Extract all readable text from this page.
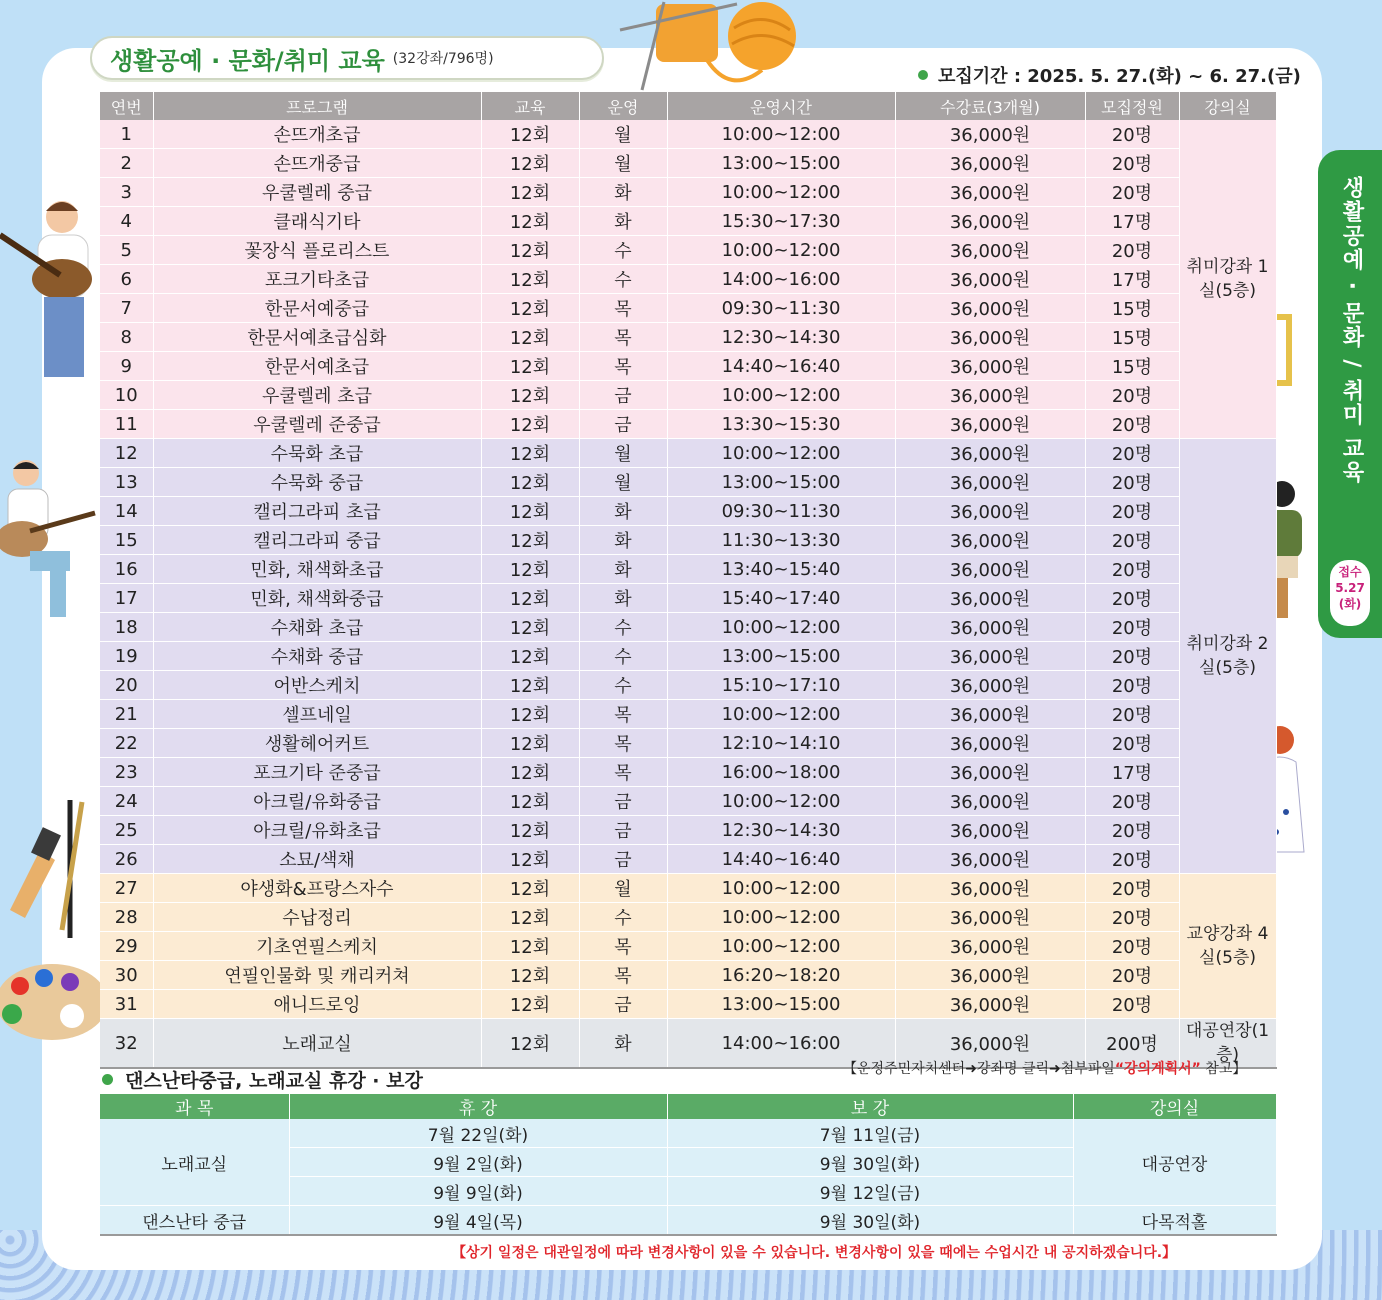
생활공예 · 문화/취미 교육 (32강좌/796명)
모집기간 : 2025. 5. 27.(화) ~ 6. 27.(금)
연번	프로그램	교육	운영	운영시간	수강료(3개월)	모집정원	강의실
1	손뜨개초급	12회	월	10:00~12:00	36,000원	20명	취미강좌 1실(5층)
2	손뜨개중급	12회	월	13:00~15:00	36,000원	20명	
3	우쿨렐레 중급	12회	화	10:00~12:00	36,000원	20명	
4	클래식기타	12회	화	15:30~17:30	36,000원	17명	
5	꽃장식 플로리스트	12회	수	10:00~12:00	36,000원	20명	
6	포크기타초급	12회	수	14:00~16:00	36,000원	17명	
7	한문서예중급	12회	목	09:30~11:30	36,000원	15명	
8	한문서예초급심화	12회	목	12:30~14:30	36,000원	15명	
9	한문서예초급	12회	목	14:40~16:40	36,000원	15명	
10	우쿨렐레 초급	12회	금	10:00~12:00	36,000원	20명	
11	우쿨렐레 준중급	12회	금	13:30~15:30	36,000원	20명	
12	수묵화 초급	12회	월	10:00~12:00	36,000원	20명	취미강좌 2실(5층)
13	수묵화 중급	12회	월	13:00~15:00	36,000원	20명	
14	캘리그라피 초급	12회	화	09:30~11:30	36,000원	20명	
15	캘리그라피 중급	12회	화	11:30~13:30	36,000원	20명	
16	민화, 채색화초급	12회	화	13:40~15:40	36,000원	20명	
17	민화, 채색화중급	12회	화	15:40~17:40	36,000원	20명	
18	수채화 초급	12회	수	10:00~12:00	36,000원	20명	
19	수채화 중급	12회	수	13:00~15:00	36,000원	20명	
20	어반스케치	12회	수	15:10~17:10	36,000원	20명	
21	셀프네일	12회	목	10:00~12:00	36,000원	20명	
22	생활헤어커트	12회	목	12:10~14:10	36,000원	20명	
23	포크기타 준중급	12회	목	16:00~18:00	36,000원	17명	
24	아크릴/유화중급	12회	금	10:00~12:00	36,000원	20명	
25	아크릴/유화초급	12회	금	12:30~14:30	36,000원	20명	
26	소묘/색채	12회	금	14:40~16:40	36,000원	20명	
27	야생화&프랑스자수	12회	월	10:00~12:00	36,000원	20명	교양강좌 4실(5층)
28	수납정리	12회	수	10:00~12:00	36,000원	20명	
29	기초연필스케치	12회	목	10:00~12:00	36,000원	20명	
30	연필인물화 및 캐리커쳐	12회	목	16:20~18:20	36,000원	20명	
31	애니드로잉	12회	금	13:00~15:00	36,000원	20명	
32	노래교실	12회	화	14:00~16:00	36,000원	200명	대공연장(1층)
댄스난타중급, 노래교실 휴강 · 보강
【운정주민자치센터➜강좌명 클릭➜첨부파일“강의계획서” 참고】
과 목	휴 강	보 강	강의실
노래교실	7월 22일(화)	7월 11일(금)	대공연장
	9월 2일(화)	9월 30일(화)	
	9월 9일(화)	9월 12일(금)	
댄스난타 중급	9월 4일(목)	9월 30일(화)	다목적홀
【상기 일정은 대관일정에 따라 변경사항이 있을 수 있습니다. 변경사항이 있을 때에는 수업시간 내 공지하겠습니다.】
생활공예 · 문화 / 취미 교육
접수
5.27
(화)
